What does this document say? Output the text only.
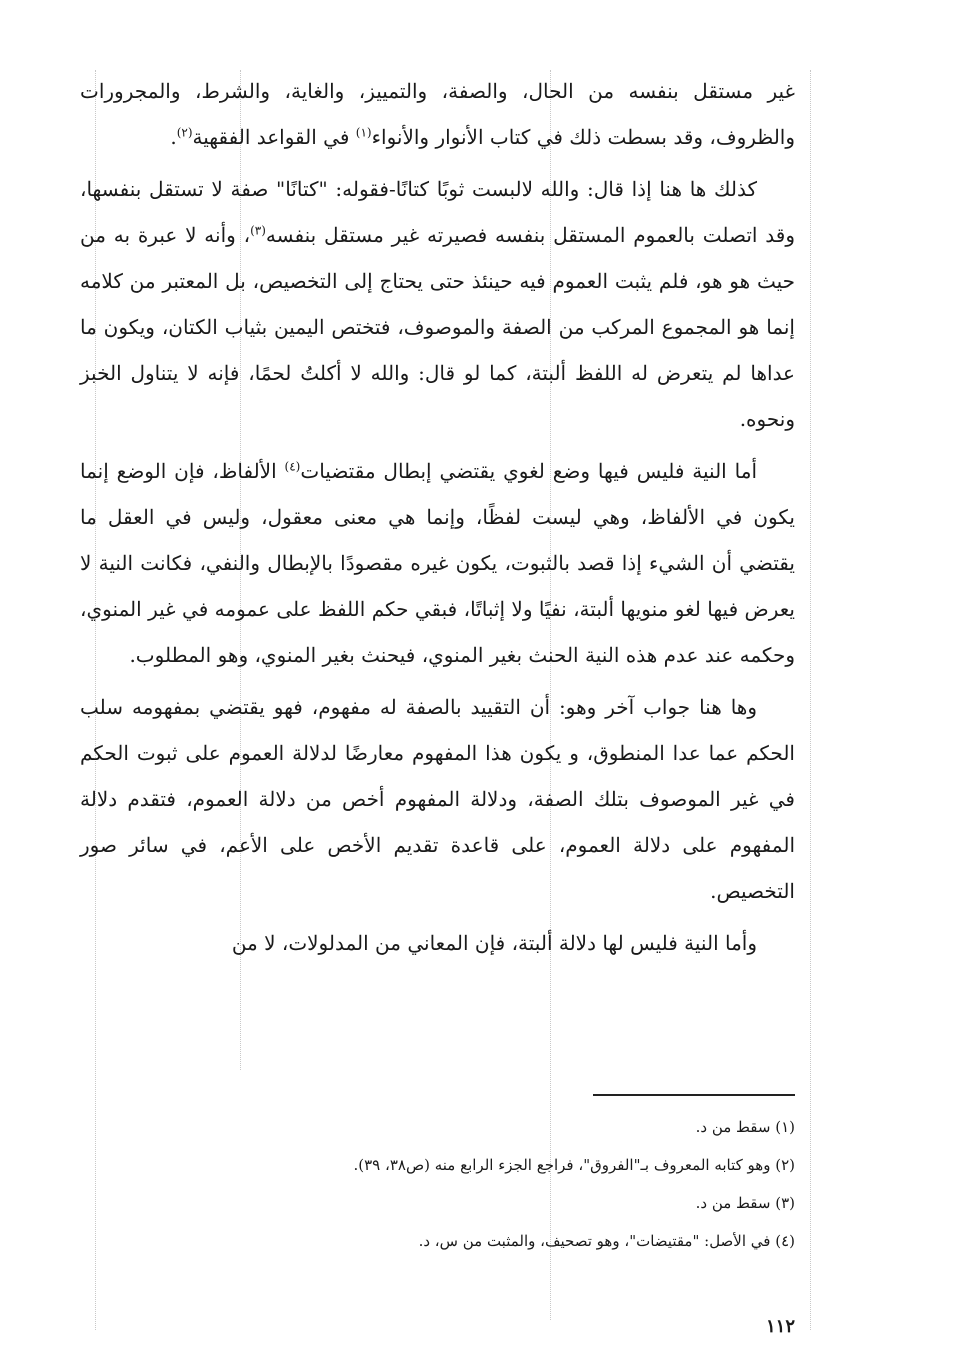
غير مستقل بنفسه من الحال، والصفة، والتمييز، والغاية، والشرط، والمجرورات والظروف، وقد بسطت ذلك في كتاب الأنوار والأنواء$^{(١)}$ في القواعد الفقهية$^{(٢)}$.

كذلك ها هنا إذا قال: والله لالبست ثوبًا كتانًا-فقوله: "كتانًا" صفة لا تستقل بنفسها، وقد اتصلت بالعموم المستقل بنفسه فصيرته غير مستقل بنفسه$^{(٣)}$، وأنه لا عبرة به من حيث هو هو، فلم يثبت العموم فيه حينئذ حتى يحتاج إلى التخصيص، بل المعتبر من كلامه إنما هو المجموع المركب من الصفة والموصوف، فتختص اليمين بثياب الكتان، ويكون ما عداها لم يتعرض له اللفظ ألبتة، كما لو قال: والله لا أكلتُ لحمًا، فإنه لا يتناول الخبز ونحوه.

أما النية فليس فيها وضع لغوي يقتضي إبطال مقتضيات$^{(٤)}$ الألفاظ، فإن الوضع إنما يكون في الألفاظ، وهي ليست لفظًا، وإنما هي معنى معقول، وليس في العقل ما يقتضي أن الشيء إذا قصد بالثبوت، يكون غيره مقصودًا بالإبطال والنفي، فكانت النية لا يعرض فيها لغو منويها ألبتة، نفيًا ولا إثباتًا، فبقي حكم اللفظ على عمومه في غير المنوي، وحكمه عند عدم هذه النية الحنث بغير المنوي، فيحنث بغير المنوي، وهو المطلوب.

وها هنا جواب آخر وهو: أن التقييد بالصفة له مفهوم، فهو يقتضي بمفهومه سلب الحكم عما عدا المنطوق، و يكون هذا المفهوم معارضًا لدلالة العموم على ثبوت الحكم في غير الموصوف بتلك الصفة، ودلالة المفهوم أخص من دلالة العموم، فتقدم دلالة المفهوم على دلالة العموم، على قاعدة تقديم الأخص على الأعم، في سائر صور التخصيص.

وأما النية فليس لها دلالة ألبتة، فإن المعاني من المدلولات، لا من

(١) سقط من د.
(٢) وهو كتابه المعروف بـ"الفروق"، فراجع الجزء الرابع منه (ص٣٨، ٣٩).
(٣) سقط من د.
(٤) في الأصل: "مقتيضات"، وهو تصحيف، والمثبت من س، د.
١١٢
